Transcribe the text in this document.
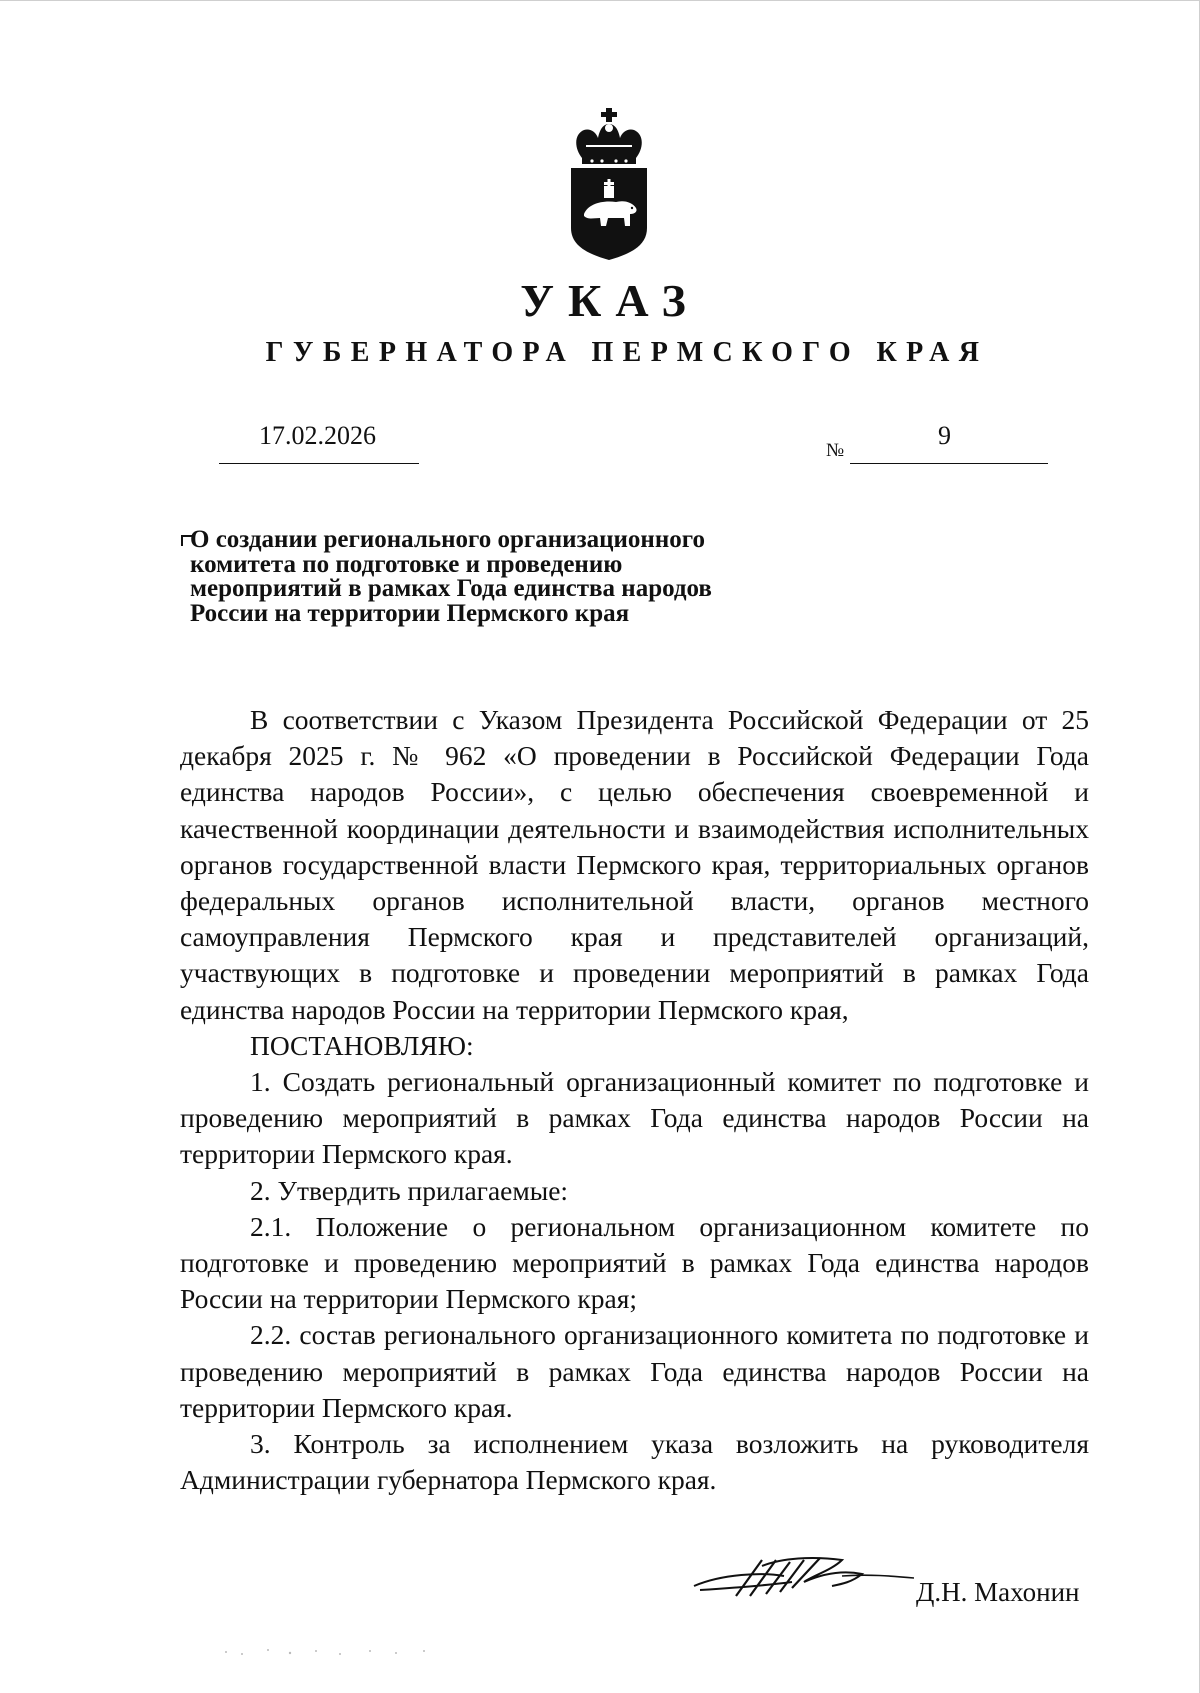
УКАЗ
ГУБЕРНАТОРА ПЕРМСКОГО КРАЯ
17.02.2026
№
9
О создании регионального организационного
комитета по подготовке и проведению
мероприятий в рамках Года единства народов
России на территории Пермского края

В соответствии с Указом Президента Российской Федерации от 25 декабря 2025 г. № 962 «О проведении в Российской Федерации Года единства народов России», с целью обеспечения своевременной и качественной координации деятельности и взаимодействия исполнительных органов государственной власти Пермского края, территориальных органов федеральных органов исполнительной власти, органов местного самоуправления Пермского края и представителей организаций, участвующих в подготовке и проведении мероприятий в рамках Года единства народов России на территории Пермского края,

ПОСТАНОВЛЯЮ:

1. Создать региональный организационный комитет по подготовке и проведению мероприятий в рамках Года единства народов России на территории Пермского края.

2. Утвердить прилагаемые:

2.1. Положение о региональном организационном комитете по подготовке и проведению мероприятий в рамках Года единства народов России на территории Пермского края;

2.2. состав регионального организационного комитета по подготовке и проведению мероприятий в рамках Года единства народов России на территории Пермского края.

3. Контроль за исполнением указа возложить на руководителя Администрации губернатора Пермского края.

Д.Н. Махонин
